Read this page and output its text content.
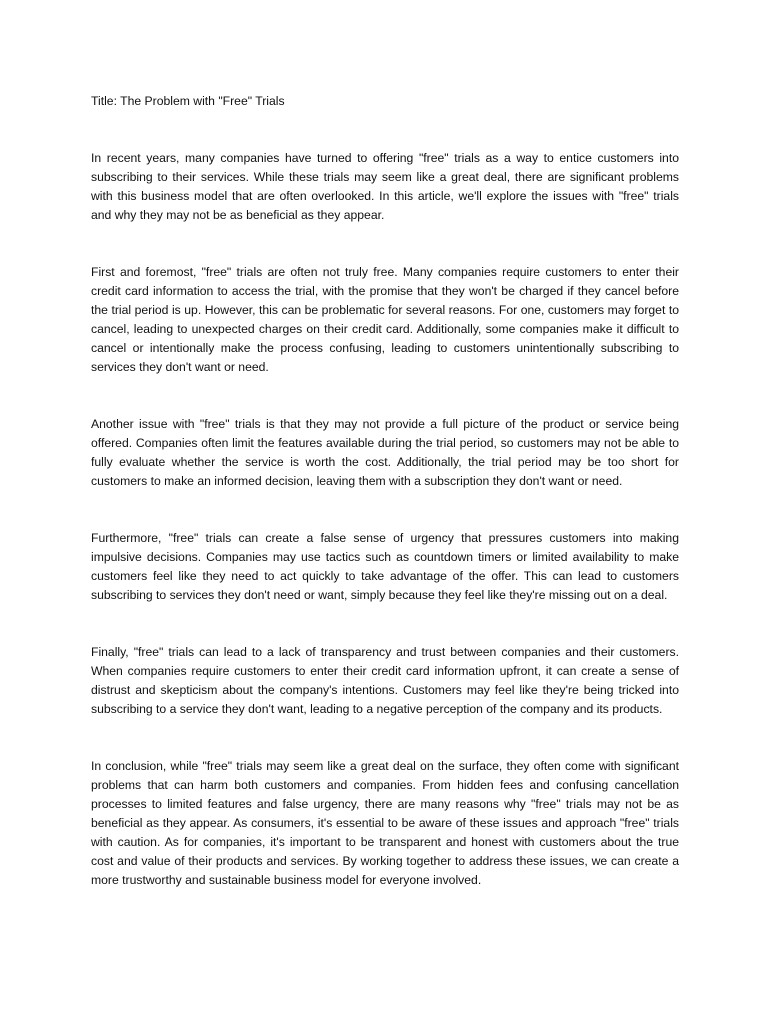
Title: The Problem with "Free" Trials

In recent years, many companies have turned to offering "free" trials as a way to entice customers into subscribing to their services. While these trials may seem like a great deal, there are significant problems with this business model that are often overlooked. In this article, we'll explore the issues with "free" trials and why they may not be as beneficial as they appear.

First and foremost, "free" trials are often not truly free. Many companies require customers to enter their credit card information to access the trial, with the promise that they won't be charged if they cancel before the trial period is up. However, this can be problematic for several reasons. For one, customers may forget to cancel, leading to unexpected charges on their credit card. Additionally, some companies make it difficult to cancel or intentionally make the process confusing, leading to customers unintentionally subscribing to services they don't want or need.

Another issue with "free" trials is that they may not provide a full picture of the product or service being offered. Companies often limit the features available during the trial period, so customers may not be able to fully evaluate whether the service is worth the cost. Additionally, the trial period may be too short for customers to make an informed decision, leaving them with a subscription they don't want or need.

Furthermore, "free" trials can create a false sense of urgency that pressures customers into making impulsive decisions. Companies may use tactics such as countdown timers or limited availability to make customers feel like they need to act quickly to take advantage of the offer. This can lead to customers subscribing to services they don't need or want, simply because they feel like they're missing out on a deal.

Finally, "free" trials can lead to a lack of transparency and trust between companies and their customers. When companies require customers to enter their credit card information upfront, it can create a sense of distrust and skepticism about the company's intentions. Customers may feel like they're being tricked into subscribing to a service they don't want, leading to a negative perception of the company and its products.

In conclusion, while "free" trials may seem like a great deal on the surface, they often come with significant problems that can harm both customers and companies. From hidden fees and confusing cancellation processes to limited features and false urgency, there are many reasons why "free" trials may not be as beneficial as they appear. As consumers, it's essential to be aware of these issues and approach "free" trials with caution. As for companies, it's important to be transparent and honest with customers about the true cost and value of their products and services. By working together to address these issues, we can create a more trustworthy and sustainable business model for everyone involved.
